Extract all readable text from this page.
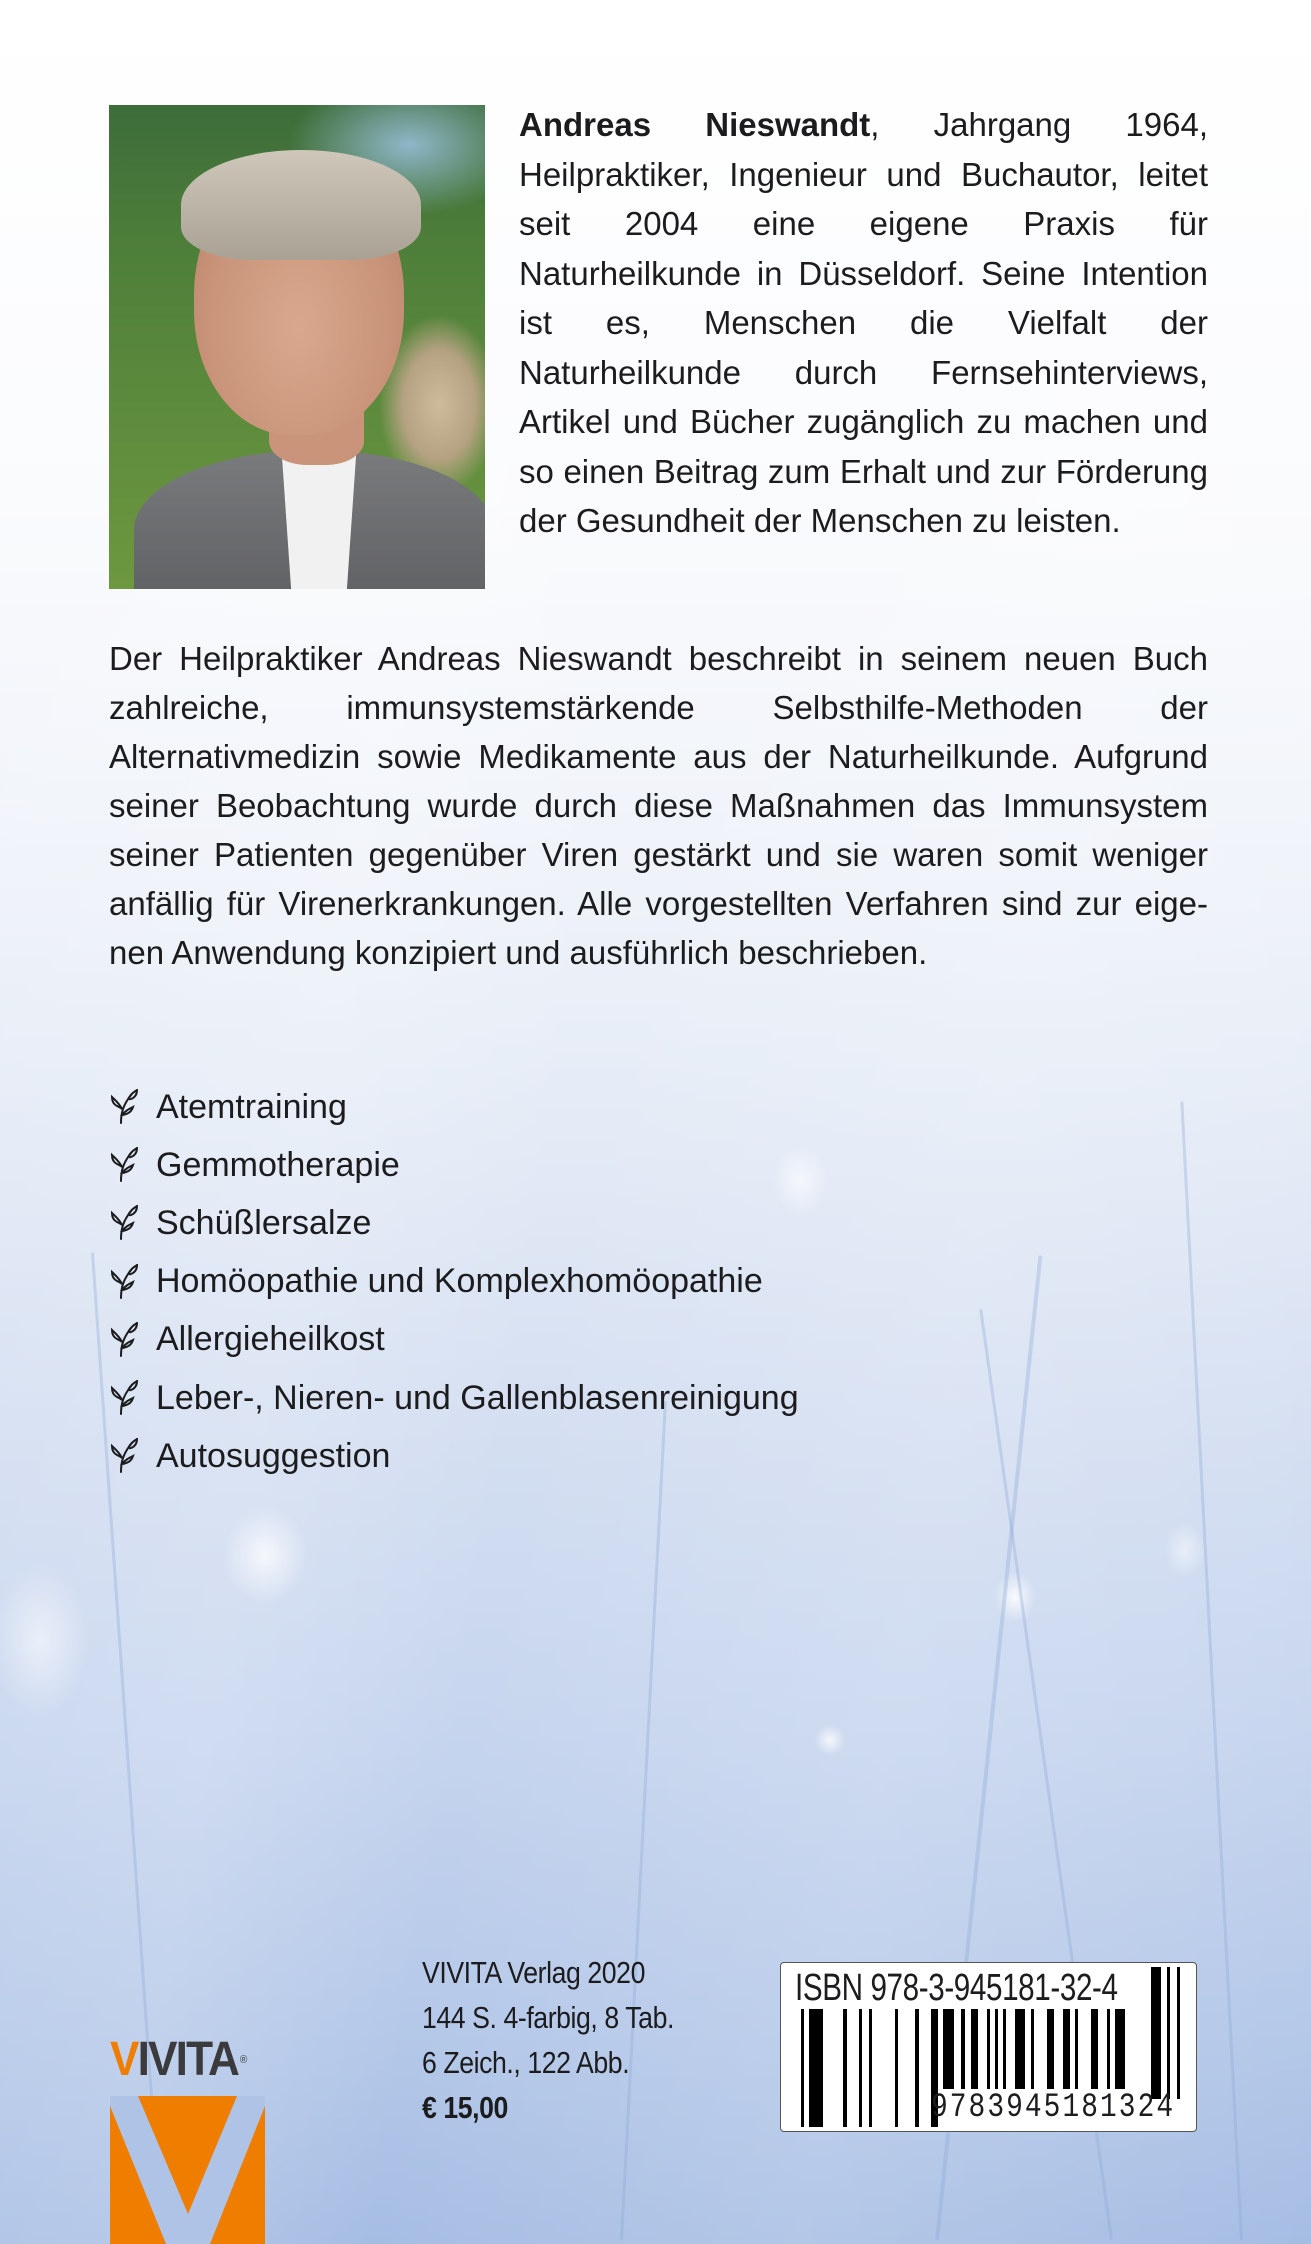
Andreas Nieswandt, Jahrgang 1964, Heilpraktiker, Ingenieur und Buchautor, leitet seit 2004 eine eigene Praxis für Naturheilkunde in Düsseldorf. Seine Intention ist es, Menschen die Vielfalt der Naturheilkunde durch Fernsehinterviews, Artikel und Bücher zugänglich zu machen und so einen Beitrag zum Erhalt und zur Förderung der Gesundheit der Menschen zu leisten.
Der Heilpraktiker Andreas Nieswandt beschreibt in seinem neuen Buch zahlreiche, immunsystemstärkende Selbsthilfe-Methoden der Alternativmedizin sowie Medikamente aus der Naturheilkunde. Aufgrund seiner Beobachtung wurde durch diese Maßnahmen das Immunsystem seiner Patienten gegenüber Viren gestärkt und sie waren somit weniger anfällig für Virenerkrankungen. Alle vorgestellten Verfahren sind zur eigenen Anwendung konzipiert und ausführlich beschrieben.
Atemtraining
Gemmotherapie
Schüßlersalze
Homöopathie und Komplexhomöopathie
Allergieheilkost
Leber-, Nieren- und Gallenblasenreinigung
Autosuggestion
VIVITA ®
VIVITA Verlag 2020
144 S. 4-farbig, 8 Tab.
6 Zeich., 122 Abb.
€ 15,00
ISBN 978-3-945181-32-4
9783945181324
